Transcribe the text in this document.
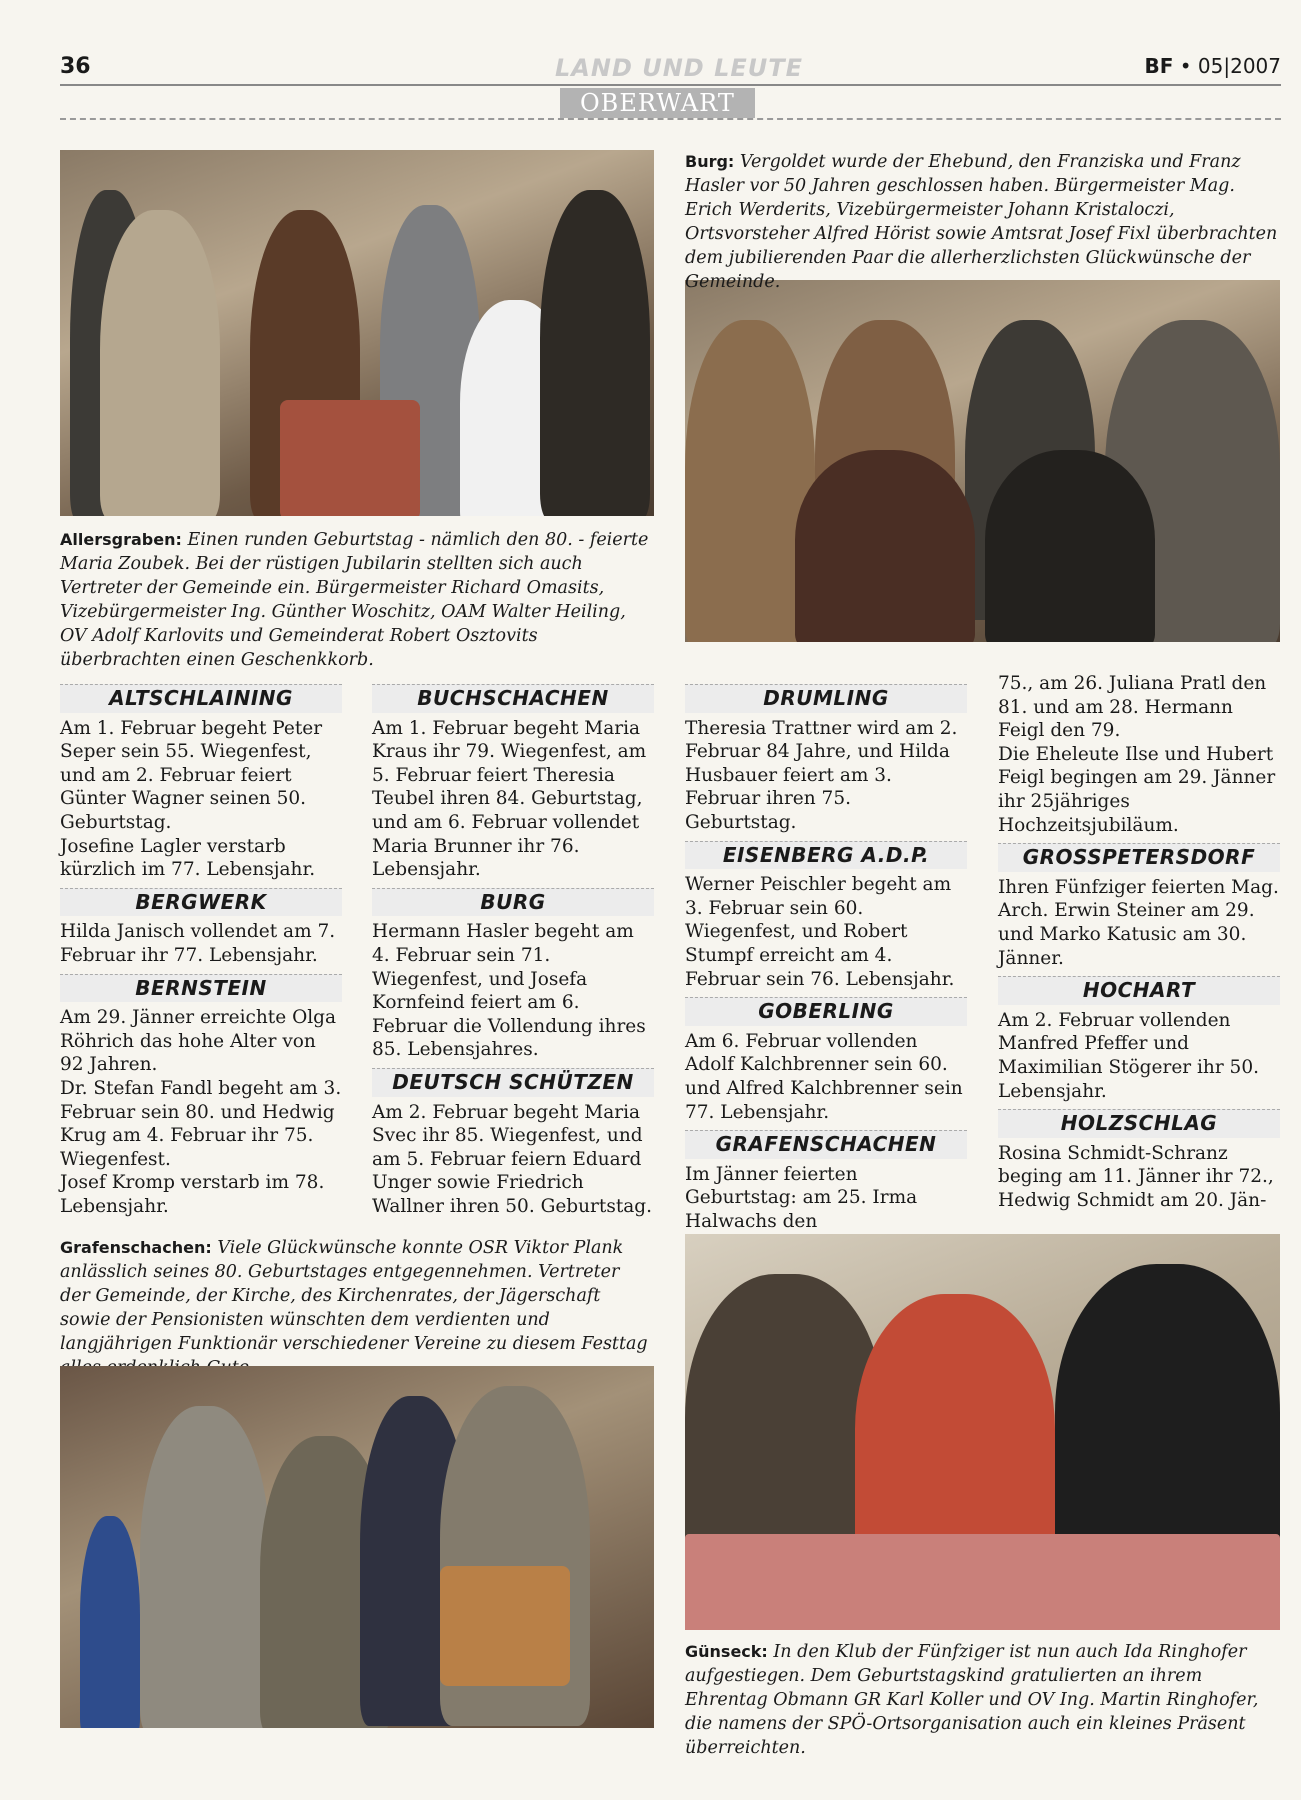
36	LAND UND LEUTE	BF • 05|2007
OBERWART
Burg: Vergoldet wurde der Ehebund, den Franziska und Franz Hasler vor 50 Jahren geschlossen haben. Bürgermeister Mag. Erich Werderits, Vizebürgermeister Johann Kristaloczi, Ortsvorsteher Alfred Hörist sowie Amtsrat Josef Fixl überbrachten dem jubilierenden Paar die allerherzlichsten Glückwünsche der Gemeinde.
Allersgraben: Einen runden Geburtstag - nämlich den 80. - feierte Maria Zoubek. Bei der rüstigen Jubilarin stellten sich auch Vertreter der Gemeinde ein. Bürgermeister Richard Omasits, Vizebürgermeister Ing. Günther Woschitz, OAM Walter Heiling, OV Adolf Karlovits und Gemeinderat Robert Osztovits überbrachten einen Geschenkkorb.
ALTSCHLAINING

Am 1. Februar begeht Peter Seper sein 55. Wiegenfest, und am 2. Februar feiert Günter Wagner seinen 50. Geburtstag.

Josefine Lagler verstarb kürzlich im 77. Lebensjahr.

BERGWERK

Hilda Janisch vollendet am 7. Februar ihr 77. Lebensjahr.

BERNSTEIN

Am 29. Jänner erreichte Olga Röhrich das hohe Alter von 92 Jahren.

Dr. Stefan Fandl begeht am 3. Februar sein 80. und Hedwig Krug am 4. Februar ihr 75. Wiegenfest.

Josef Kromp verstarb im 78. Lebensjahr.

BUCHSCHACHEN

Am 1. Februar begeht Maria Kraus ihr 79. Wiegenfest, am 5. Februar feiert Theresia Teubel ihren 84. Geburtstag, und am 6. Februar vollendet Maria Brunner ihr 76. Lebensjahr.

BURG

Hermann Hasler begeht am 4. Februar sein 71. Wiegenfest, und Josefa Kornfeind feiert am 6. Februar die Vollendung ihres 85. Lebensjahres.

DEUTSCH SCHÜTZEN

Am 2. Februar begeht Maria Svec ihr 85. Wiegenfest, und am 5. Februar feiern Eduard Unger sowie Friedrich Wallner ihren 50. Geburtstag.

DRUMLING

Theresia Trattner wird am 2. Februar 84 Jahre, und Hilda Husbauer feiert am 3. Februar ihren 75. Geburtstag.

EISENBERG A.D.P.

Werner Peischler begeht am 3. Februar sein 60. Wiegenfest, und Robert Stumpf erreicht am 4. Februar sein 76. Lebensjahr.

GOBERLING

Am 6. Februar vollenden Adolf Kalchbrenner sein 60. und Alfred Kalchbrenner sein 77. Lebensjahr.

GRAFENSCHACHEN

Im Jänner feierten Geburtstag: am 25. Irma Halwachs den

75., am 26. Juliana Pratl den 81. und am 28. Hermann Feigl den 79.

Die Eheleute Ilse und Hubert Feigl begingen am 29. Jänner ihr 25jähriges Hochzeitsjubiläum.

GROSSPETERSDORF

Ihren Fünfziger feierten Mag. Arch. Erwin Steiner am 29. und Marko Katusic am 30. Jänner.

HOCHART

Am 2. Februar vollenden Manfred Pfeffer und Maximilian Stögerer ihr 50. Lebensjahr.

HOLZSCHLAG

Rosina Schmidt-Schranz beging am 11. Jänner ihr 72., Hedwig Schmidt am 20. Jän-

Grafenschachen: Viele Glückwünsche konnte OSR Viktor Plank anlässlich seines 80. Geburtstages entgegennehmen. Vertreter der Gemeinde, der Kirche, des Kirchenrates, der Jägerschaft sowie der Pensionisten wünschten dem verdienten und langjährigen Funktionär verschiedener Vereine zu diesem Festtag
Günseck: In den Klub der Fünfziger ist nun auch Ida Ringhofer aufgestiegen. Dem Geburtstagskind gratulierten an ihrem Ehrentag Obmann GR Karl Koller und OV Ing. Martin Ringhofer, die namens der SPÖ-Ortsorganisation auch ein kleines Präsent überreichten.
